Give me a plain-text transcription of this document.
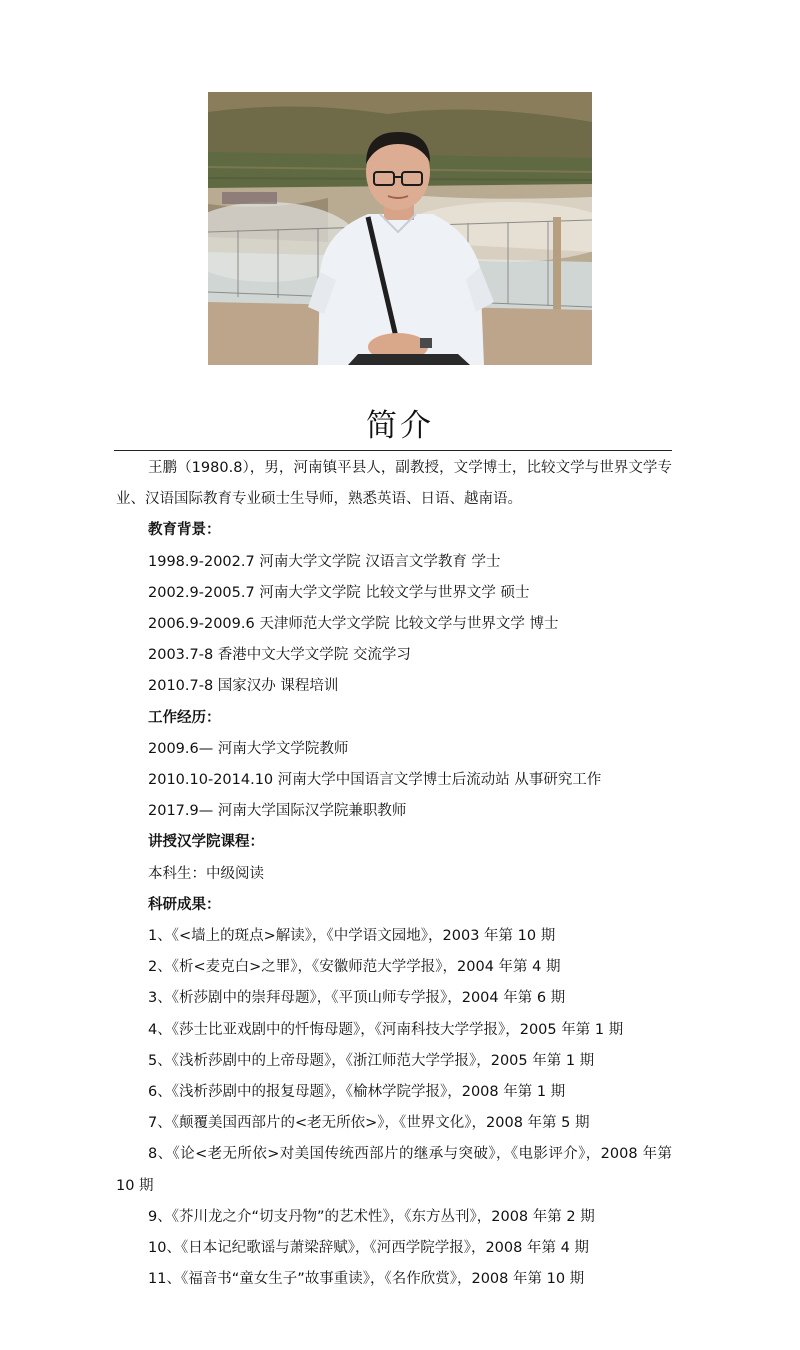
简介

王鹏（1980.8），男，河南镇平县人，副教授，文学博士，比较文学与世界文学专业、汉语国际教育专业硕士生导师，熟悉英语、日语、越南语。

教育背景：

1998.9-2002.7 河南大学文学院 汉语言文学教育 学士

2002.9-2005.7 河南大学文学院 比较文学与世界文学 硕士

2006.9-2009.6 天津师范大学文学院 比较文学与世界文学 博士

2003.7-8 香港中文大学文学院 交流学习

2010.7-8 国家汉办 课程培训

工作经历：

2009.6— 河南大学文学院教师

2010.10-2014.10 河南大学中国语言文学博士后流动站 从事研究工作

2017.9— 河南大学国际汉学院兼职教师

讲授汉学院课程：

本科生：中级阅读

科研成果：

1、《<墙上的斑点>解读》，《中学语文园地》，2003 年第 10 期

2、《析<麦克白>之罪》，《安徽师范大学学报》，2004 年第 4 期

3、《析莎剧中的崇拜母题》，《平顶山师专学报》，2004 年第 6 期

4、《莎士比亚戏剧中的忏悔母题》，《河南科技大学学报》，2005 年第 1 期

5、《浅析莎剧中的上帝母题》，《浙江师范大学学报》，2005 年第 1 期

6、《浅析莎剧中的报复母题》，《榆林学院学报》，2008 年第 1 期

7、《颠覆美国西部片的<老无所依>》，《世界文化》，2008 年第 5 期

8、《论<老无所依>对美国传统西部片的继承与突破》，《电影评介》，2008 年第 10 期

9、《芥川龙之介“切支丹物”的艺术性》，《东方丛刊》，2008 年第 2 期

10、《日本记纪歌谣与萧梁辞赋》，《河西学院学报》，2008 年第 4 期

11、《福音书“童女生子”故事重读》，《名作欣赏》，2008 年第 10 期
